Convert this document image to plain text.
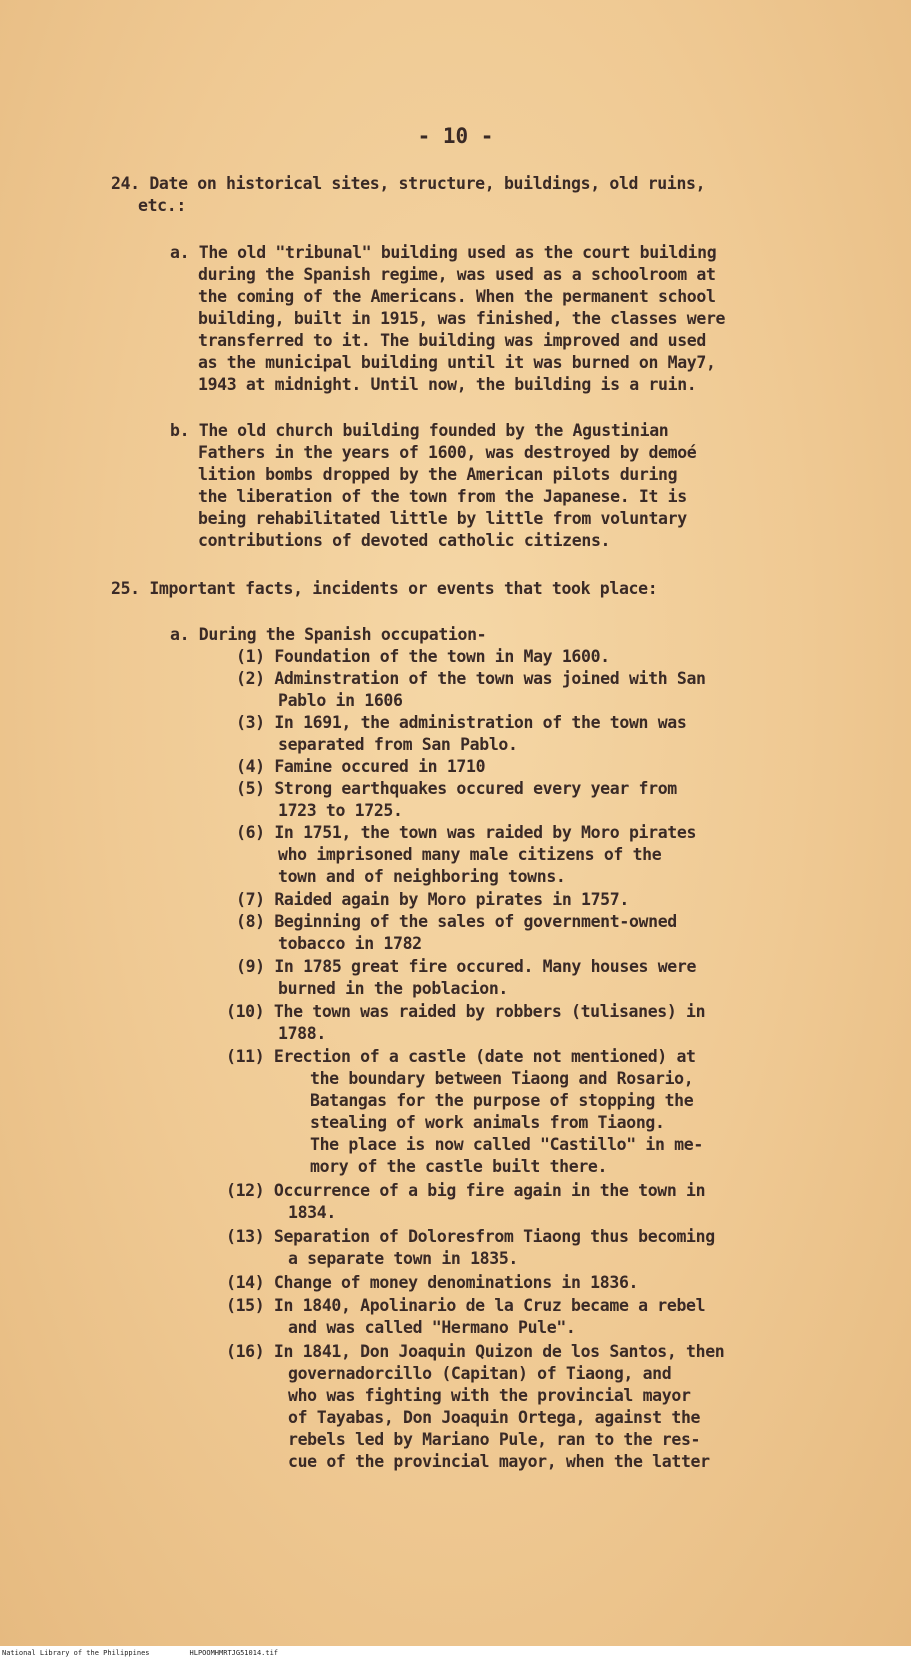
- 10 -
24. Date on historical sites, structure, buildings, old ruins,
etc.:
a. The old "tribunal" building used as the court building
during the Spanish regime, was used as a schoolroom at
the coming of the Americans. When the permanent school
building, built in 1915, was finished, the classes were
transferred to it. The building was improved and used
as the municipal building until it was burned on May7,
1943 at midnight. Until now, the building is a ruin.
b. The old church building founded by the Agustinian
Fathers in the years of 1600, was destroyed by demoé
lition bombs dropped by the American pilots during
the liberation of the town from the Japanese. It is
being rehabilitated little by little from voluntary
contributions of devoted catholic citizens.
25. Important facts, incidents or events that took place:
a. During the Spanish occupation-
(1) Foundation of the town in May 1600.
(2) Adminstration of the town was joined with San
Pablo in 1606
(3) In 1691, the administration of the town was
separated from San Pablo.
(4) Famine occured in 1710
(5) Strong earthquakes occured every year from
1723 to 1725.
(6) In 1751, the town was raided by Moro pirates
who imprisoned many male citizens of the
town and of neighboring towns.
(7) Raided again by Moro pirates in 1757.
(8) Beginning of the sales of government-owned
tobacco in 1782
(9) In 1785 great fire occured. Many houses were
burned in the poblacion.
(10) The town was raided by robbers (tulisanes) in
1788.
(11) Erection of a castle (date not mentioned) at
the boundary between Tiaong and Rosario,
Batangas for the purpose of stopping the
stealing of work animals from Tiaong.
The place is now called "Castillo" in me-
mory of the castle built there.
(12) Occurrence of a big fire again in the town in
1834.
(13) Separation of Doloresfrom Tiaong thus becoming
a separate town in 1835.
(14) Change of money denominations in 1836.
(15) In 1840, Apolinario de la Cruz became a rebel
and was called "Hermano Pule".
(16) In 1841, Don Joaquin Quizon de los Santos, then
governadorcillo (Capitan) of Tiaong, and
who was fighting with the provincial mayor
of Tayabas, Don Joaquin Ortega, against the
rebels led by Mariano Pule, ran to the res-
cue of the provincial mayor, when the latter
National Library of the Philippines	HLPOOMHMRTJG51014.tif
